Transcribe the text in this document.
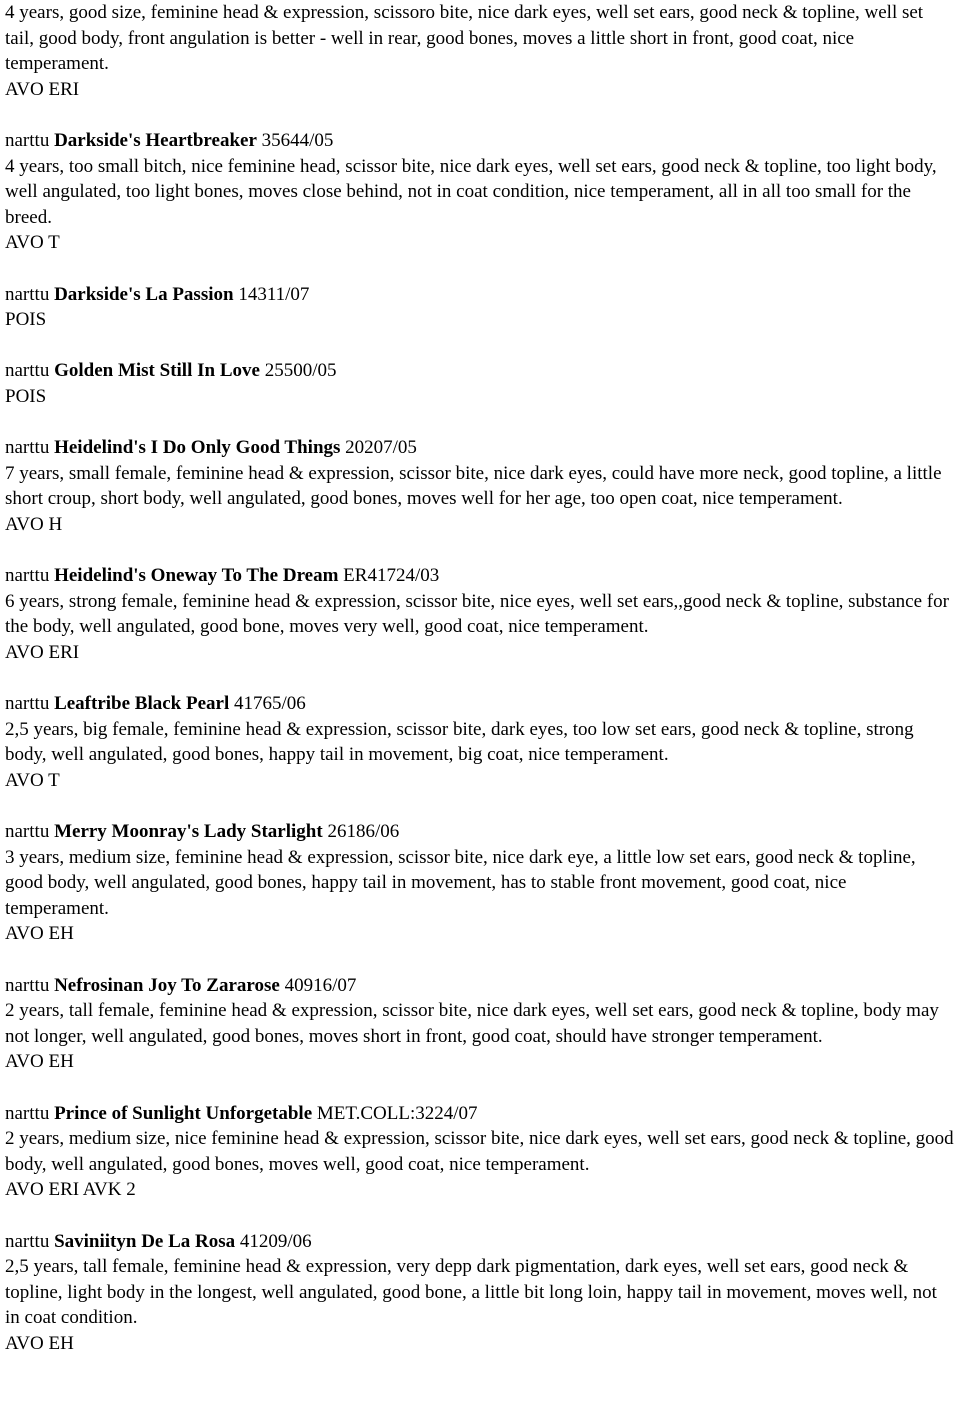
4 years, good size, feminine head & expression, scissoro bite, nice dark eyes, well set ears, good neck & topline, well set tail, good body, front angulation is better - well in rear, good bones, moves a little short in front, good coat, nice temperament.
AVO ERI
narttu Darkside's Heartbreaker 35644/05
4 years, too small bitch, nice feminine head, scissor bite, nice dark eyes, well set ears, good neck & topline, too light body, well angulated, too light bones, moves close behind, not in coat condition, nice temperament, all in all too small for the breed.
AVO T
narttu Darkside's La Passion 14311/07
POIS
narttu Golden Mist Still In Love 25500/05
POIS
narttu Heidelind's I Do Only Good Things 20207/05
7 years, small female, feminine head & expression, scissor bite, nice dark eyes, could have more neck, good topline, a little short croup, short body, well angulated, good bones, moves well for her age, too open coat, nice temperament.
AVO H
narttu Heidelind's Oneway To The Dream ER41724/03
6 years, strong female, feminine head & expression, scissor bite, nice eyes, well set ears,,good neck & topline, substance for the body, well angulated, good bone, moves very well, good coat, nice temperament.
AVO ERI
narttu Leaftribe Black Pearl 41765/06
2,5 years, big female, feminine head & expression, scissor bite, dark eyes, too low set ears, good neck & topline, strong body, well angulated, good bones, happy tail in movement, big coat, nice temperament.
AVO T
narttu Merry Moonray's Lady Starlight 26186/06
3 years, medium size, feminine head & expression, scissor bite, nice dark eye, a little low set ears, good neck & topline, good body, well angulated, good bones, happy tail in movement, has to stable front movement, good coat, nice temperament.
AVO EH
narttu Nefrosinan Joy To Zararose 40916/07
2 years, tall female, feminine head & expression, scissor bite, nice dark eyes, well set ears, good neck & topline, body may not longer, well angulated, good bones, moves short in front, good coat, should have stronger temperament.
AVO EH
narttu Prince of Sunlight Unforgetable MET.COLL:3224/07
2 years, medium size, nice feminine head & expression, scissor bite, nice dark eyes, well set ears, good neck & topline, good body, well angulated, good bones, moves well, good coat, nice temperament.
AVO ERI AVK 2
narttu Saviniityn De La Rosa 41209/06
2,5 years, tall female, feminine head & expression, very depp dark pigmentation, dark eyes, well set ears, good neck & topline, light body in the longest, well angulated, good bone, a little bit long loin, happy tail in movement, moves well, not in coat condition.
AVO EH
